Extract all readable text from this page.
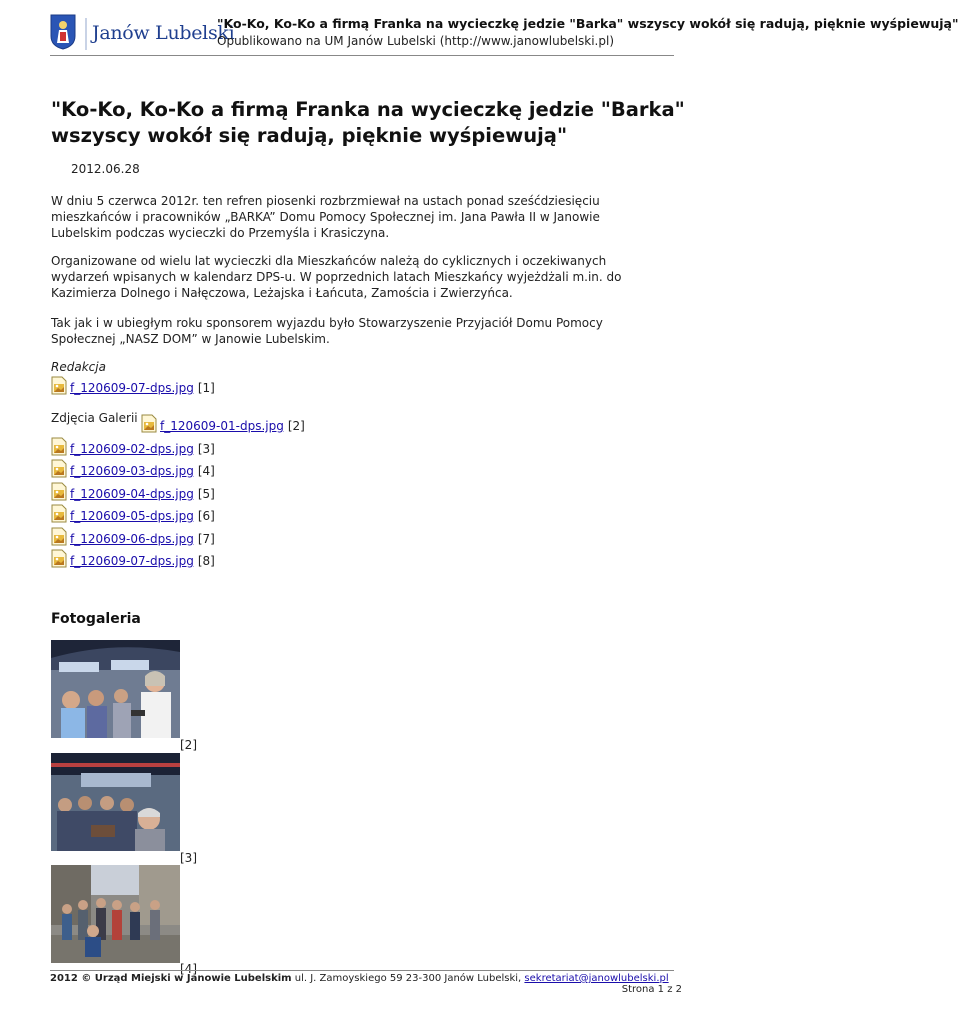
Janów Lubelski
"Ko-Ko, Ko-Ko a firmą Franka na wycieczkę jedzie "Barka" wszyscy wokół się radują, pięknie wyśpiewują"
Opublikowano na UM Janów Lubelski (http://www.janowlubelski.pl)
"Ko-Ko, Ko-Ko a firmą Franka na wycieczkę jedzie "Barka" wszyscy wokół się radują, pięknie wyśpiewują"
2012.06.28

W dniu 5 czerwca 2012r. ten refren piosenki rozbrzmiewał na ustach ponad sześćdziesięciu mieszkańców i pracowników „BARKA” Domu Pomocy Społecznej im. Jana Pawła II w Janowie Lubelskim podczas wycieczki do Przemyśla i Krasiczyna.

Organizowane od wielu lat wycieczki dla Mieszkańców należą do cyklicznych i oczekiwanych wydarzeń wpisanych w kalendarz DPS-u. W poprzednich latach Mieszkańcy wyjeżdżali m.in. do Kazimierza Dolnego i Nałęczowa, Leżajska i Łańcuta, Zamościa i Zwierzyńca.

Tak jak i w ubiegłym roku sponsorem wyjazdu było Stowarzyszenie Przyjaciół Domu Pomocy Społecznej „NASZ DOM” w Janowie Lubelskim.

Redakcja
f_120609-07-dps.jpg [1]
Zdjęcia Galerii
f_120609-01-dps.jpg [2]
f_120609-02-dps.jpg [3]
f_120609-03-dps.jpg [4]
f_120609-04-dps.jpg [5]
f_120609-05-dps.jpg [6]
f_120609-06-dps.jpg [7]
f_120609-07-dps.jpg [8]
Fotogaleria
[2]
[3]
[4]
2012 © Urząd Miejski w Janowie Lubelskim ul. J. Zamoyskiego 59 23-300 Janów Lubelski, sekretariat@janowlubelski.pl
Strona 1 z 2
